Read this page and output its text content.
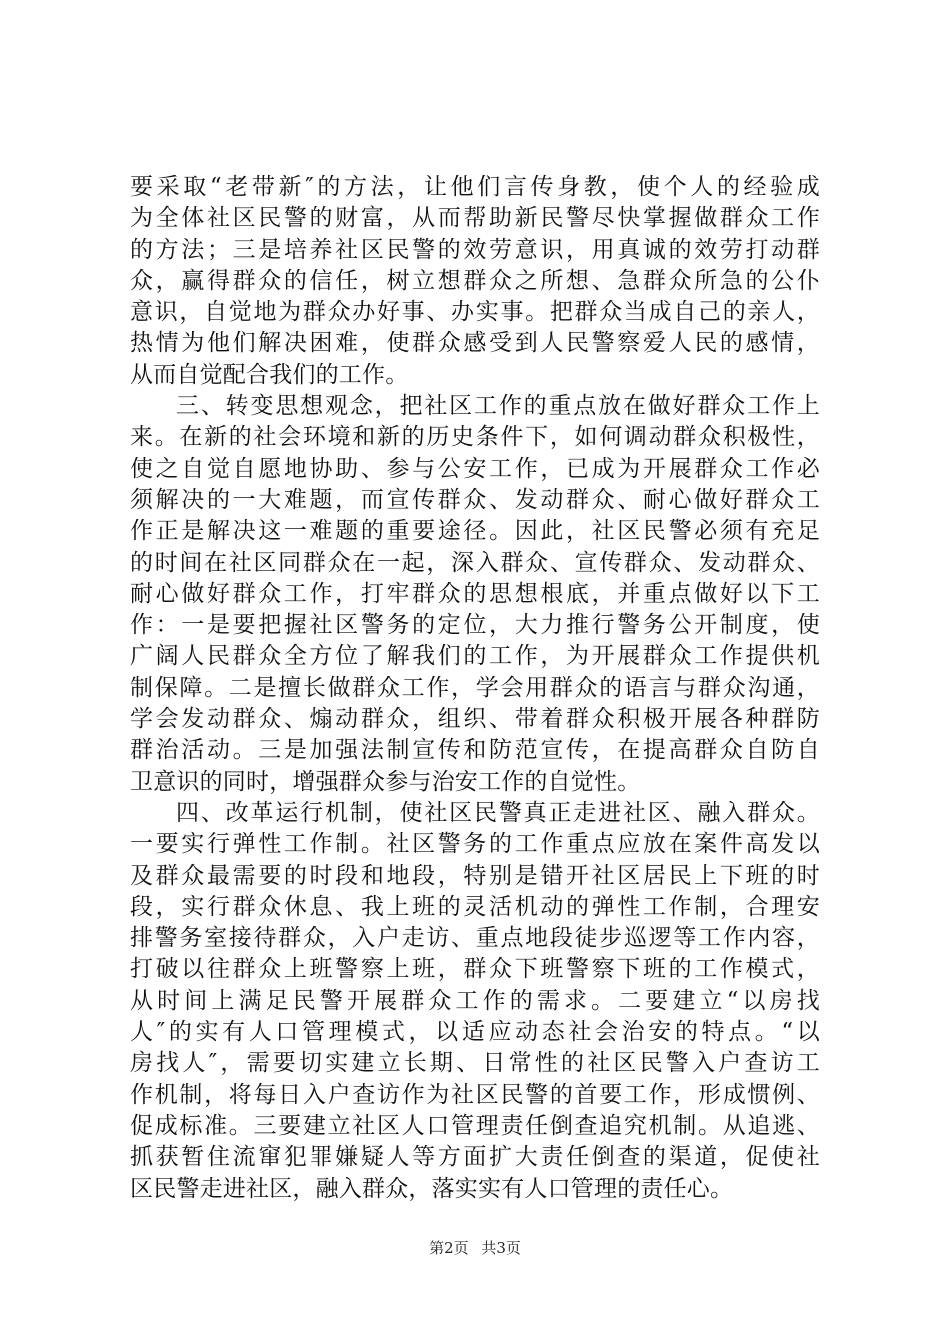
要采取“老带新″的方法，让他们言传身教，使个人的经验成
为全体社区民警的财富，从而帮助新民警尽快掌握做群众工作
的方法；三是培养社区民警的效劳意识，用真诚的效劳打动群
众，赢得群众的信任，树立想群众之所想、急群众所急的公仆
意识，自觉地为群众办好事、办实事。把群众当成自己的亲人，
热情为他们解决困难，使群众感受到人民警察爱人民的感情，
从而自觉配合我们的工作。
三、转变思想观念，把社区工作的重点放在做好群众工作上
来。在新的社会环境和新的历史条件下，如何调动群众积极性，
使之自觉自愿地协助、参与公安工作，已成为开展群众工作必
须解决的一大难题，而宣传群众、发动群众、耐心做好群众工
作正是解决这一难题的重要途径。因此，社区民警必须有充足
的时间在社区同群众在一起，深入群众、宣传群众、发动群众、
耐心做好群众工作，打牢群众的思想根底，并重点做好以下工
作：一是要把握社区警务的定位，大力推行警务公开制度，使
广阔人民群众全方位了解我们的工作，为开展群众工作提供机
制保障。二是擅长做群众工作，学会用群众的语言与群众沟通，
学会发动群众、煽动群众，组织、带着群众积极开展各种群防
群治活动。三是加强法制宣传和防范宣传，在提高群众自防自
卫意识的同时，增强群众参与治安工作的自觉性。
四、改革运行机制，使社区民警真正走进社区、融入群众。
一要实行弹性工作制。社区警务的工作重点应放在案件高发以
及群众最需要的时段和地段，特别是错开社区居民上下班的时
段，实行群众休息、我上班的灵活机动的弹性工作制，合理安
排警务室接待群众，入户走访、重点地段徒步巡逻等工作内容，
打破以往群众上班警察上班，群众下班警察下班的工作模式，
从时间上满足民警开展群众工作的需求。二要建立“以房找
人″的实有人口管理模式，以适应动态社会治安的特点。“以
房找人″，需要切实建立长期、日常性的社区民警入户查访工
作机制，将每日入户查访作为社区民警的首要工作，形成惯例、
促成标准。三要建立社区人口管理责任倒查追究机制。从追逃、
抓获暂住流窜犯罪嫌疑人等方面扩大责任倒查的渠道，促使社
区民警走进社区，融入群众，落实实有人口管理的责任心。
第2页 共3页
